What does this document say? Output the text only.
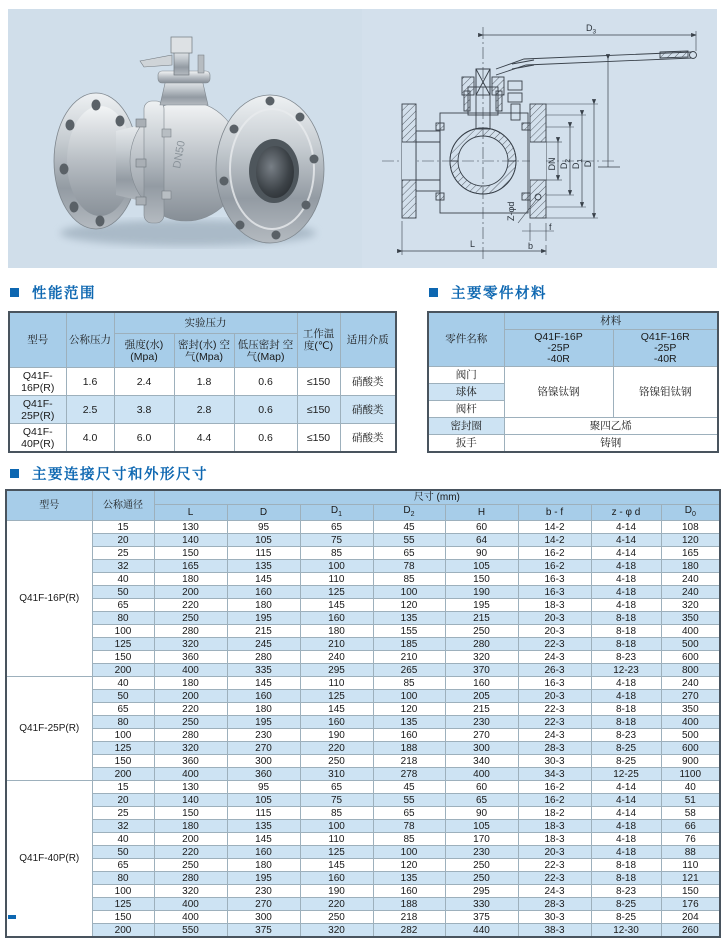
DN50
$D_3$
DN $D_2$
$D_1$ D
Z-φd
b
f
L
性能范围	主要零件材料
主要连接尺寸和外形尺寸
型号	公称压力	实验压力			工作温度(℃)	适用介质
		强度(水) (Mpa)	密封(水) 空气(Mpa)	低压密封 空气(Map)		
Q41F-16P(R)	1.6	2.4	1.8	0.6	≤150	硝酸类
Q41F-25P(R)	2.5	3.8	2.8	0.6	≤150	硝酸类
Q41F-40P(R)	4.0	6.0	4.4	0.6	≤150	硝酸类
零件名称	材料	
	Q41F-16P
-25P
-40R	Q41F-16R
-25P
-40R
阀门	铬镍钛钢	铬镍钼钛钢
球体		
阀杆		
密封圈	聚四乙烯	
扳手	铸钢	
型号	公称通径	尺寸 (mm)							
		L	D	$D_1$	$D_2$	H	b - f	z - φ d	$D_0$
Q41F-16P(R)	15	130	95	65	45	60	14-2	4-14	108
	20	140	105	75	55	64	14-2	4-14	120
	25	150	115	85	65	90	16-2	4-14	165
	32	165	135	100	78	105	16-2	4-18	180
	40	180	145	110	85	150	16-3	4-18	240
	50	200	160	125	100	190	16-3	4-18	240
	65	220	180	145	120	195	18-3	4-18	320
	80	250	195	160	135	215	20-3	8-18	350
	100	280	215	180	155	250	20-3	8-18	400
	125	320	245	210	185	280	22-3	8-18	500
	150	360	280	240	210	320	24-3	8-23	600
	200	400	335	295	265	370	26-3	12-23	800
Q41F-25P(R)	40	180	145	110	85	160	16-3	4-18	240
	50	200	160	125	100	205	20-3	4-18	270
	65	220	180	145	120	215	22-3	8-18	350
	80	250	195	160	135	230	22-3	8-18	400
	100	280	230	190	160	270	24-3	8-23	500
	125	320	270	220	188	300	28-3	8-25	600
	150	360	300	250	218	340	30-3	8-25	900
	200	400	360	310	278	400	34-3	12-25	1100
Q41F-40P(R)	15	130	95	65	45	60	16-2	4-14	40
	20	140	105	75	55	65	16-2	4-14	51
	25	150	115	85	65	90	18-2	4-14	58
	32	180	135	100	78	105	18-3	4-18	66
	40	200	145	110	85	170	18-3	4-18	76
	50	220	160	125	100	230	20-3	4-18	88
	65	250	180	145	120	250	22-3	8-18	110
	80	280	195	160	135	250	22-3	8-18	121
	100	320	230	190	160	295	24-3	8-23	150
	125	400	270	220	188	330	28-3	8-25	176
	150	400	300	250	218	375	30-3	8-25	204
	200	550	375	320	282	440	38-3	12-30	260
